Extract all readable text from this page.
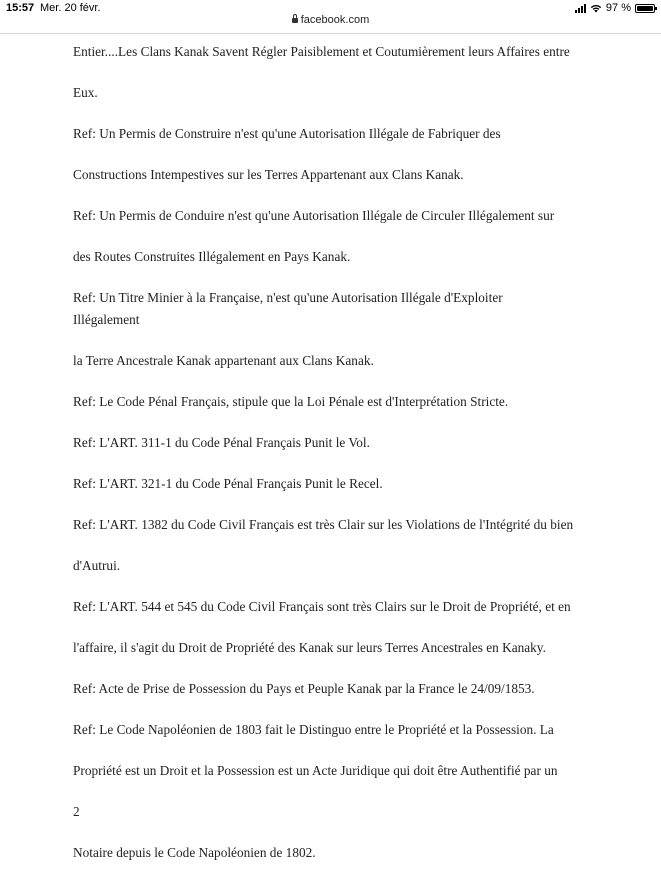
15:57 Mer. 20 févr.	97 %
facebook.com

Entier....Les Clans Kanak Savent Régler Paisiblement et Coutumièrement leurs Affaires entre

Eux.

Ref: Un Permis de Construire n'est qu'une Autorisation Illégale de Fabriquer des

Constructions Intempestives sur les Terres Appartenant aux Clans Kanak.

Ref: Un Permis de Conduire n'est qu'une Autorisation Illégale de Circuler Illégalement sur

des Routes Construites Illégalement en Pays Kanak.

Ref: Un Titre Minier à la Française, n'est qu'une Autorisation Illégale d'Exploiter

Illégalement

la Terre Ancestrale Kanak appartenant aux Clans Kanak.

Ref: Le Code Pénal Français, stipule que la Loi Pénale est d'Interprétation Stricte.

Ref: L'ART. 311-1 du Code Pénal Français Punit le Vol.

Ref: L'ART. 321-1 du Code Pénal Français Punit le Recel.

Ref: L'ART. 1382 du Code Civil Français est très Clair sur les Violations de l'Intégrité du bien

d'Autrui.

Ref: L'ART. 544 et 545 du Code Civil Français sont très Clairs sur le Droit de Propriété, et en

l'affaire, il s'agit du Droit de Propriété des Kanak sur leurs Terres Ancestrales en Kanaky.

Ref: Acte de Prise de Possession du Pays et Peuple Kanak par la France le 24/09/1853.

Ref: Le Code Napoléonien de 1803 fait le Distinguo entre le Propriété et la Possession. La

Propriété est un Droit et la Possession est un Acte Juridique qui doit être Authentifié par un

2

Notaire depuis le Code Napoléonien de 1802.
